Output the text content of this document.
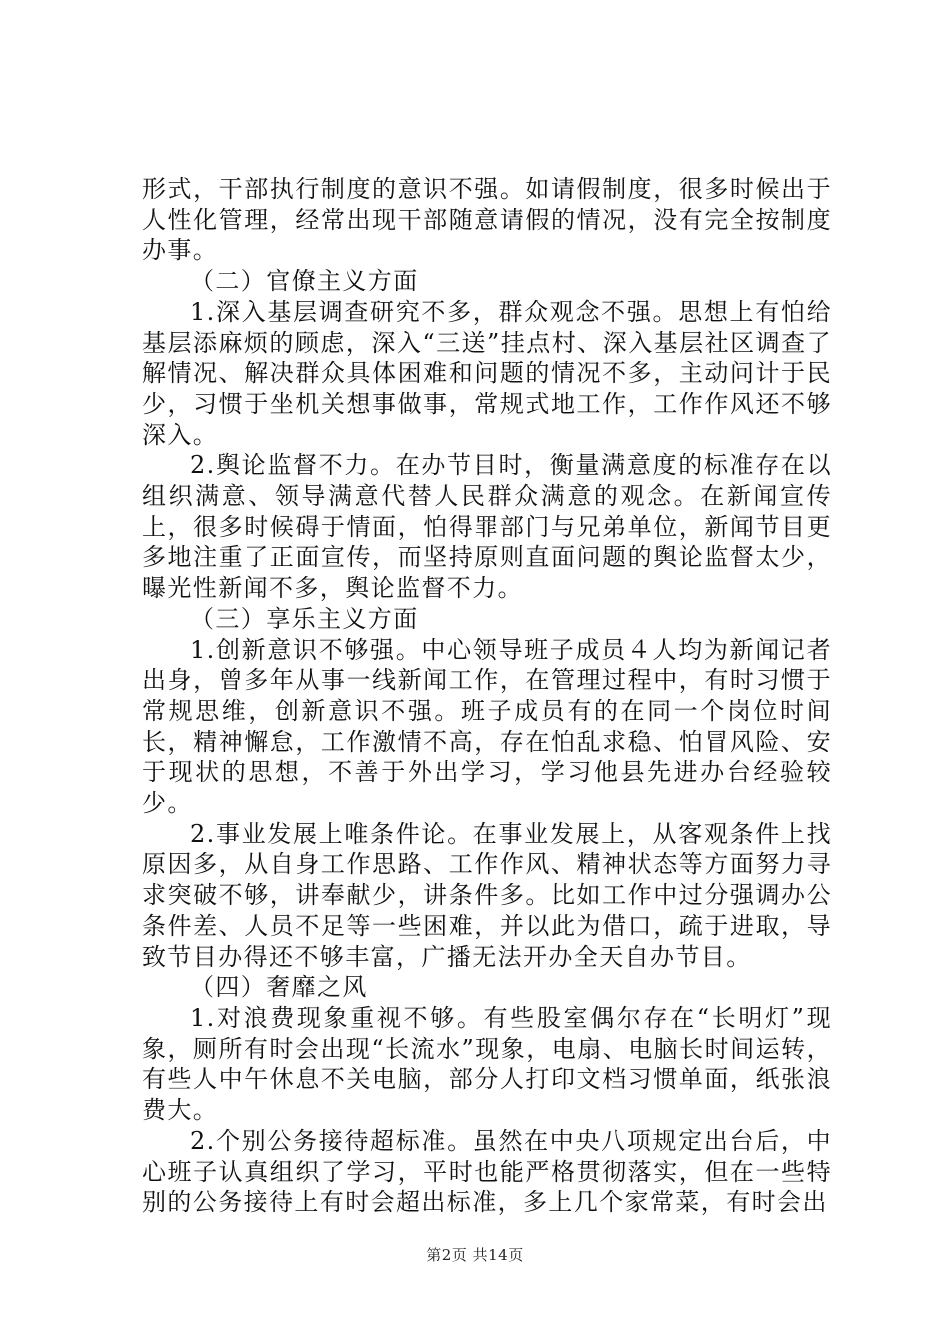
形式，干部执行制度的意识不强。如请假制度，很多时候出于人性化管理，经常出现干部随意请假的情况，没有完全按制度办事。

（二）官僚主义方面

1.深入基层调查研究不多，群众观念不强。思想上有怕给基层添麻烦的顾虑，深入“三送”挂点村、深入基层社区调查了解情况、解决群众具体困难和问题的情况不多，主动问计于民少，习惯于坐机关想事做事，常规式地工作，工作作风还不够深入。

2.舆论监督不力。在办节目时，衡量满意度的标准存在以组织满意、领导满意代替人民群众满意的观念。在新闻宣传上，很多时候碍于情面，怕得罪部门与兄弟单位，新闻节目更多地注重了正面宣传，而坚持原则直面问题的舆论监督太少，曝光性新闻不多，舆论监督不力。

（三）享乐主义方面

1.创新意识不够强。中心领导班子成员４人均为新闻记者出身，曾多年从事一线新闻工作，在管理过程中，有时习惯于常规思维，创新意识不强。班子成员有的在同一个岗位时间长，精神懈怠，工作激情不高，存在怕乱求稳、怕冒风险、安于现状的思想，不善于外出学习，学习他县先进办台经验较少。

2.事业发展上唯条件论。在事业发展上，从客观条件上找原因多，从自身工作思路、工作作风、精神状态等方面努力寻求突破不够，讲奉献少，讲条件多。比如工作中过分强调办公条件差、人员不足等一些困难，并以此为借口，疏于进取，导致节目办得还不够丰富，广播无法开办全天自办节目。

（四）奢靡之风

1.对浪费现象重视不够。有些股室偶尔存在“长明灯”现象，厕所有时会出现“长流水”现象，电扇、电脑长时间运转，有些人中午休息不关电脑，部分人打印文档习惯单面，纸张浪费大。

2.个别公务接待超标准。虽然在中央八项规定出台后，中心班子认真组织了学习，平时也能严格贯彻落实，但在一些特别的公务接待上有时会超出标准，多上几个家常菜，有时会出

第2页 共14页
